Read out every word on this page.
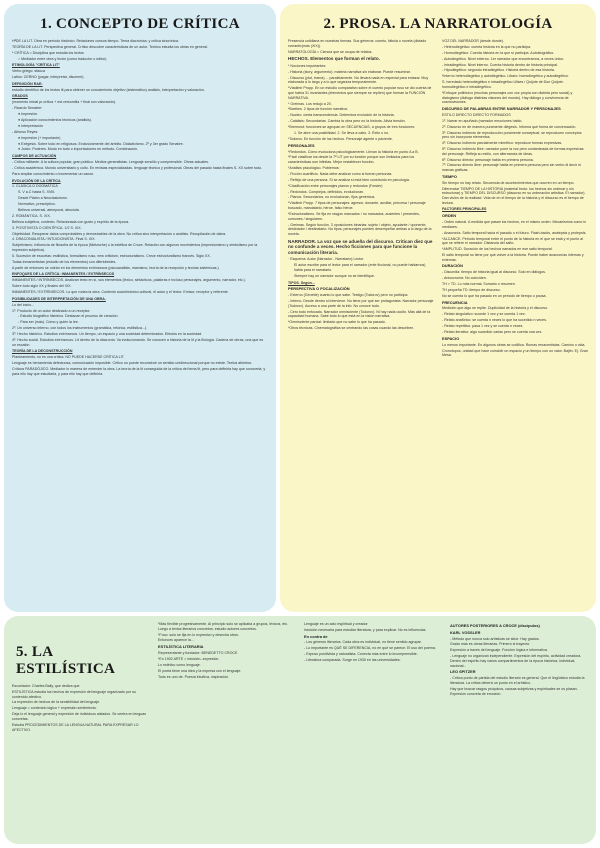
1. CONCEPTO DE CRÍTICA

HªDE LA LIT. Obra en período histórico. Relaciones consus tiempo. Tema diacrónica, y crítica sincrónica.

TEORÍA DE LA LIT. Perspectiva general. Crítico descubre características de un autor. Teórico estudia los obras en general.

* CRÍTICA = Disciplina que estudia los textos

○ Mediador entre obra y lector (como traductor o editor)

ETIMOLOGÍA "CRÍTICA LIT"

Verbo griego: sfauca

Latino: CERNO (juzgar, interpretar, discernir).

DEFINICIÓN RAE:

estudio científico de los textos lit para obtener un conocimiento objetivo (sistemático) análisis, interpretación y valoración.

GRADOS

(momento inicial pr-crítica + est.versomilia + final con valoración).

- Ricardo Senabre:

● Impresión.

● Aplicación conocimientos técnicos (análisis).

● Interpretación

- Alfonso Reyes:

● Impresión (+ importante)

● Exégesis. Sobre todo en religiosos. Exclusivamente del ámbito. Didacticismo. 2º y 3er grado Senabre.

● Juicio. Poderes. Modo en todo o importaciones en método. Combinación.

CAMPOS DE ACTUACIÓN

- Crítica militante. A la cultura popular, gran público. Medios generalistas. Lenguaje sencillo y comprensible. Obras actuales.

- Crítica académica. Mundo universitario y culto. En revistas especializadas. lenguaje técnico y profesional. Obras del pasado hasta finales S. XX sobre todo.

Para ampliar conocimiento o incrementar un canon.

EVOLUCIÓN DE LA CRÍTICA

1. CLÁSICA O DOGMÁTICA

S. V a.C hasta S. XVIII.

Desde Platón a Neoclasicismo.

Normativo, prescriptivo.

Belleza universal, atemporal, absoluta.

2. ROMÁNTICA. S. XIX.

Belleza subjetiva, contexto. Relacionada con gusto y espíritu de la época.

3. POSITIVISTA O CIENTÍFICA. 1/2 S. XIX.

Objetividad. Recuperar datos comprobables y demostrables de la obra. No crítica sino interpretación o análisis. Recopilación de datos.

4. DRACONIALISTA / INTUICIONISTA. Final S. XIX.

Subjetivismo. Influencia de filosofía de la época (Nietzsche) o la estética de Croce. Relación con algunos movimientos (impresionismo y simbolismo por la impresión subjetiva).

5. Sucesión de escuelas: estilística, formalismo ruso, new criticism, estructuralismo. Crece estructuralismo francés. Siglo XX.

Todas inmanentistas (estudio de los elementos) con diferiobrides.

A partir de entonces se unirán en los elementos extrínsecos (psicoanálisis, marxismo, teoría de la recepción y teorías sistémicas.)

ENFOQUES DE LA CRÍTICA: INMANENTES / EXTRÍNSECOS

INMANENTES / INTRÍNSECOS. Analizan texto en sí, sus elementos (léxico, sintácticos, palabras e incluso personajes, argumento, narrador, etc.).

Sobre todo siglo XX y finales del XIX.

INMANENTES / EXTRÍNSECOS. Lo que rodea la obra. Contexto sociohistórico cultural, el autor y el lector. Emisor, receptor y referente.

POSIBILIDADES DE INTERPRETACIÓN DE UNA OBRA.

Lo del inicio...

1º. Producto de un autor destinado a un receptor.

- Estudio biográfico histórico. Destacan el proceso de creación.

- Para ser (más). Cómo y quién la lee.

2º. Un universo interno, con todos los instrumentos (gramática, retórica, estilística...).

3º. Hecho histórico. Estudios extrínsecos. Un tiempo, un espacio y una sociedad determinados. Efectos en la sociedad.

4º. Hecho social. Estudios extrínsecos. Lit dentro de la diacronía. Va evolucionando. Se conocen a historia de la lit y la filología. Cadena de obras, una que es un escalón.

TEORÍA DE LA DECONSTRUCCIÓN

Planteamiento, no es una crítica. NO PUEDE HACERSE CRÍTICA LIT.

Lenguaje es herramienta defectuosa, comunicación imposible. Crítico no puede reconstruir un sentido unidireccional porque no existe. Textos abiertos.

Críticos PARADÓJICO. Mediador lo manera de entender la obra. La teoría de la lit conseguida de la crítica del tema lit, pero para definirla hay que conocerla, y para ello hay que estudiarla, y para ello hay que definirla.

2. PROSA. LA NARRATOLOGÍA

Presencia cotidiana en nuestras formas. Sus géneros: cuento, fábula o novela (dictado romantic(más (XIX)).

NARRATOLOGÍA = Ciencia que se ocupa de relatos.

HECHOS. Elementos que forman el relato.

* Nociones importantes:

- Historia (story, argumento): materia narrativa sin elaborar. Puede resumirse.

- Discurso (plot, trama) ... paralelamente. No llevará nada en especial para enlazar. Muy elaborada a lo largo y a lo que organiza temporalmente.

*Vladimir Propp. En un estudio comparativo sobre el cuento popular ruso se dio cuenta de que había 31 invariantes (elementos que siempre se repiten) que forman la FUNCIÓN NARRATIVA.

* Greimas. Los redujo a 20.

*Barthes. 2 tipos de función narrativa.

- Nucleo: cierta transcendencia. Determina evolución de la historia.

- Catálisis: Secundarias. Cambia la obra pero no la historia. Alivia tensión.

*Bremond: funciones se agrupan en SECUENCIAS, a grupos de tres funciones:

1. Se abre una posibilidad. 2. Se lleva a cabo. 3. Éxito o no.

*Todorov. En función de los hechos. Personaje agente o paciente.

PERSONAJES

*Redondos. Cómo evoluciona psicológicamente. Llevan la historia en punto A a B.

*Fácil clasificar los desde la 7ª LIT por su función porque son limitados para los características son infinitas. Mejor restablecer función.

*Análisis psicológico. Poblemos:

- Ficción cuartificio. Nada debe analizar como si fueran personas.

- Reflejo de una persona. Sí se analiza si está bien construido en psicología.

*Clasificación entre personajes planos y redondos (Forster)

- Redondos. Complejos, definidos, evolucionan.

- Planos. Secundarios, no evolucionan, fijos genéricos.

*Vladimir Propp. 7 tipos de personajes: agresor, donante, auxiliar, princesa / personaje buscado, mandatario, héroe, falso héroe.

*Estructuralismo. Se fija en rasgos marcados / no marcados, ausentes / presentes, comunes / singulares.

- Greimas. Según función. 3 oposiciones binarias: sujeto / objeto, ayudante / oponente, destinador / destinatario. No tipos, personajes pueden desempeñar ambas a lo largo de la novela.

NARRADOR. La voz que se adueña del discurso. Critican diez que no confunde a veces. Hecho ficciones para que funcione la comunicación literaria.

· Esquema: Autor (Narrador - Narratario) Lector

El autor escribe para el lector para el narrador (ente ficcional, no puede hablarnos) habla para el narratario.

Siempre hay un narrador aunque no se identifique.

TIPOS. Según...

PERSPECTIVA O FOCALIZACIÓN

- Externo (Genette) cuanto lo que sabe. Testigo (Todorov) pero no participa.

- Interno. Desde dentro si interviene. No tiene por qué ser protagonista. Narrador personaje (Todorov). Acceso a una parte de la info. No conoce todo.

- Cero todo enfocado. Narrador omnisciente (Todorov). Ni hay nada oculto. Más allá de la capacidad humana. Sabe todo lo que está en la visión narrativa.

*Omnisciente parcial: limitado que no sabe lo que ha pasado.

*Otros técnicas. Cinematográfica se centrando las cosas cuando las describen.

VOZ DEL NARRADOR (desde donde).

- Heterodiegético: cuenta historia en la que no participa.

- Homodiegético: Cuenta historia en la que sí participa. Autobiográfico.

- Autodiegético. Nivel externo. 1er narrador que encontramos, a veces único.

- Intradiegético. Nivel interno. Cuenta historia dentro de historia principal.

- Hipodiegético: segundo intradiegético. Historia dentro de esa historia.

*Interno heterodiegético y autodiegético. Libaro: homodiegético y autodiegético.

S. heredado heterodiegético e intradiegético Ulises / Quijote de Don Quijote: homodiegético e intradiegético.

*Enfoque polifónico (muchas personajes con voz propia con distinta pero social) y dialogismo (diálogo distintas visiones del mundo). Hay diálogo y convivencia de cosmovisiones.

DISCURSO DE PALABRAS ENTRE NARRADOR Y PERSONAJES

ESTILO DIRECTO DIRECTO FORMADOS

1º. Narrar en apuñado (narrador emociones hablo.

2º. Discurso en de manera puramente diégesis. Informa qué forma de conversación.

3º. Discurso indirecto de reproducción puramente conceptual: se reproducen conceptos pero sin incorporar elementos.

4º. Discurso indirecto parcialmente mimético: reproduce formas expresivas.

5º. Discurso indirecto libre: narrador pone la voz pero contaminada de formas expresivas del personaje. Refleja su estilo, con alternancia de ideas.

6º. Discurso directo: personaje habla en primera persona.

7º. Discurso directo libre: personaje habla en primera persona pero sin verbo di decir ni marcas gráficas.

TIEMPO

Sin tiempo no hay relato. Secuencia de acontecimientos que ocurren en un tiempo.

Diferenciar TIEMPO DE LA HISTORIA (material bruto: los hechos sin ordenar y sin estructurar) y TIEMPO DEL DISCURSO (discurso en su ordenación artística: El narrador). Dan visión de la realidad. Vida de en el tiempo de la historia y el discurso es el tiempo de lectura.

FACTORES PRINCIPALES

ORDEN

- Orden natural. A medida que pasan los hechos, en el mismo orden. Mecanismos como in mediares.

- Anacronía. Salto temporal hacia el pasado o el futuro. Flash-backs, analepsis y prolepsis.

*ALCANCE. Período temporal entre el punto de la historia en el que se está y el punto al que se refiere el narrador. Distancia del salto.

*AMPLITUD. Duración de los hechos narrados en ese salto temporal.

El salto temporal no tiene por qué volver a la historia. Puede haber anacronías internas y externas.

DURACIÓN

- Discordia: tiempo de historia igual al discurso. Solo en diálogos.

- Anisocronía: No coinciden.

TH > TD. Lo más normal. Sumario o resumen.

TH pequeña TD: tiempo de discurso.

No se cuenta lo que ha pasado en un período de tiempo o pausa.

FRECUENCIA

Medición que algo se repite. Duplicidad de la historia y el discurso.

- Relato singulativo: sucede 1 vez y se cuenta 1 vez.

- Relato anafórico: se cuenta n veces lo que ha sucedido n veces.

- Relato repetitivo: pasa 1 vez y se cuenta n veces.

- Relato iterativo: algo sucedido varias pero se cuenta una vez.

ESPACIO

Lo menos importante. En algunos obras se codifica. Rumas renacentistas. Camino o vida.

Cronotopos, unidad que hace coincidir un espacio y un tiempo con un valor. Bajtin. Ej. Gran Mesa.

5. LA ESTILÍSTICA

Escuelador: Charles Bally, que dedica que

ESTILÍSTICA estudia los hechos de expresión del lenguaje organizado por su contenido afectivo.

La expresión de hechos de la sensibilidad del lenguaje.

Lenguaje = contenido lógico + expresión sentimiento.

Deja lo el lenguaje general y expresión de individuos aislados. Se centra en lenguas concretas.

Estudia PROCEDIMIENTOS DE LA LENGUA NATURAL PARA EXPRESAR LO AFECTIVO.

*Más flexible progresivamente. Al principio solo se aplicaba a grupos, léxicos, etc. Luego a textos literarios concretos, estudio autores concretos.

*Foco: solo se fija en lo expresivo y desecha otros.

Entonces aparece la...

ESTILÍSTICA LITERARIA

Representante y fundador: BENEDETTO CROCE

*En 1902 ARTE = intuición--expresión.

Lo estético como lenguaje.

El poeta tiene una idea y la expresa con el lenguaje.

Todo es uno de. Poesía intuitiva, inspiración.

Lenguaje es un acto espiritual y creador

Intuición necesaria para estudiar literatura, y para explicar. No es influencias.

En contra de

- Los géneros literarios. Cada obra es individual, no tiene sentido agrupar.

- Lo importante es QUÉ SE DIFERENCIA, no en qué se parece. El uso del poema.

- Expuso positivista y naturalista. Conecta más entre lo incomprensible.

- Literatura comparada. Surge en 1930 en las universidades.

AUTORES POSTERIORES A CROCE (discípulos)

KARL VOSSLER

- Método que nunca solo artísticas se sitúe. Hay grados.

Grado más es obras literarias. Primero si trayecto.

Expresión a través del lenguaje. Función lógica e informativa.

- Lenguaje no organizan independiente. Expresión del espíritu, actividad creadora. Dentro del espíritu hay varios compartimentos de la época histórica, individual, nacional...

LEO SPITZER

- Crítica punto de partida del estudio literario es general. Que el lingüístico estudia la literatura. La crítica deberá un punto en el artístico.

Hay que buscar rasgos psíquicos, causas subjetivas y espirituales se os plasan. Expresión concreta de emoción.
